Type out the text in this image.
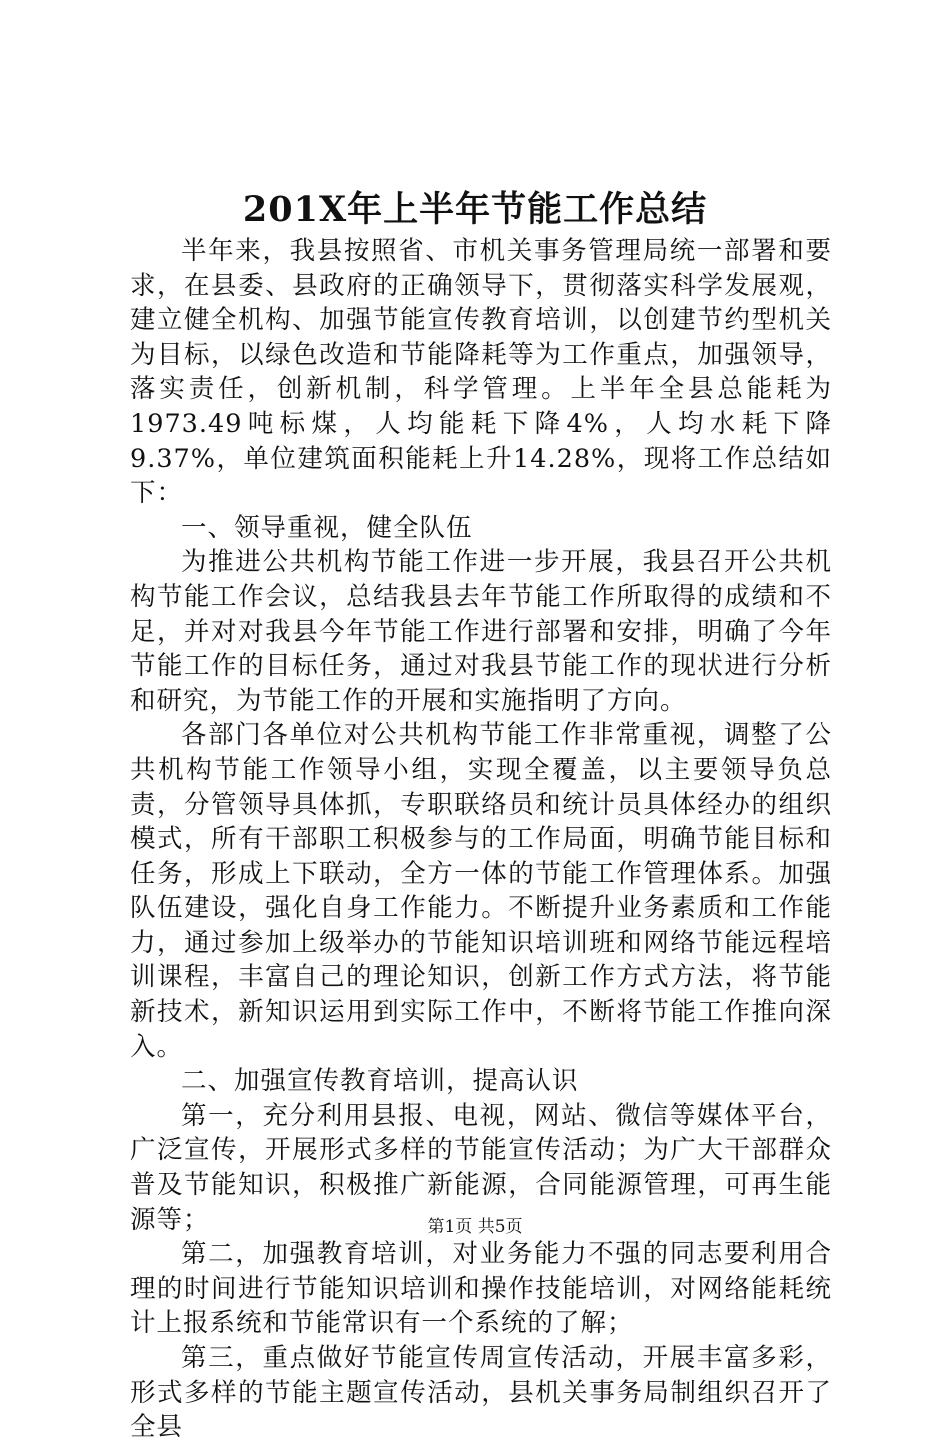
201X年上半年节能工作总结

半年来，我县按照省、市机关事务管理局统一部署和要求，在县委、县政府的正确领导下，贯彻落实科学发展观，建立健全机构、加强节能宣传教育培训，以创建节约型机关为目标，以绿色改造和节能降耗等为工作重点，加强领导，落实责任，创新机制，科学管理。上半年全县总能耗为1973.49吨标煤，人均能耗下降4%，人均水耗下降9.37%，单位建筑面积能耗上升14.28%，现将工作总结如下：

一、领导重视，健全队伍

为推进公共机构节能工作进一步开展，我县召开公共机构节能工作会议，总结我县去年节能工作所取得的成绩和不足，并对对我县今年节能工作进行部署和安排，明确了今年节能工作的目标任务，通过对我县节能工作的现状进行分析和研究，为节能工作的开展和实施指明了方向。

各部门各单位对公共机构节能工作非常重视，调整了公共机构节能工作领导小组，实现全覆盖，以主要领导负总责，分管领导具体抓，专职联络员和统计员具体经办的组织模式，所有干部职工积极参与的工作局面，明确节能目标和任务，形成上下联动，全方一体的节能工作管理体系。加强队伍建设，强化自身工作能力。不断提升业务素质和工作能力，通过参加上级举办的节能知识培训班和网络节能远程培训课程，丰富自己的理论知识，创新工作方式方法，将节能新技术，新知识运用到实际工作中，不断将节能工作推向深入。

二、加强宣传教育培训，提高认识

第一，充分利用县报、电视，网站、微信等媒体平台，广泛宣传，开展形式多样的节能宣传活动；为广大干部群众普及节能知识，积极推广新能源，合同能源管理，可再生能源等；

第二，加强教育培训，对业务能力不强的同志要利用合理的时间进行节能知识培训和操作技能培训，对网络能耗统计上报系统和节能常识有一个系统的了解；

第三，重点做好节能宣传周宣传活动，开展丰富多彩，形式多样的节能主题宣传活动，县机关事务局制组织召开了全县

第1页 共5页
